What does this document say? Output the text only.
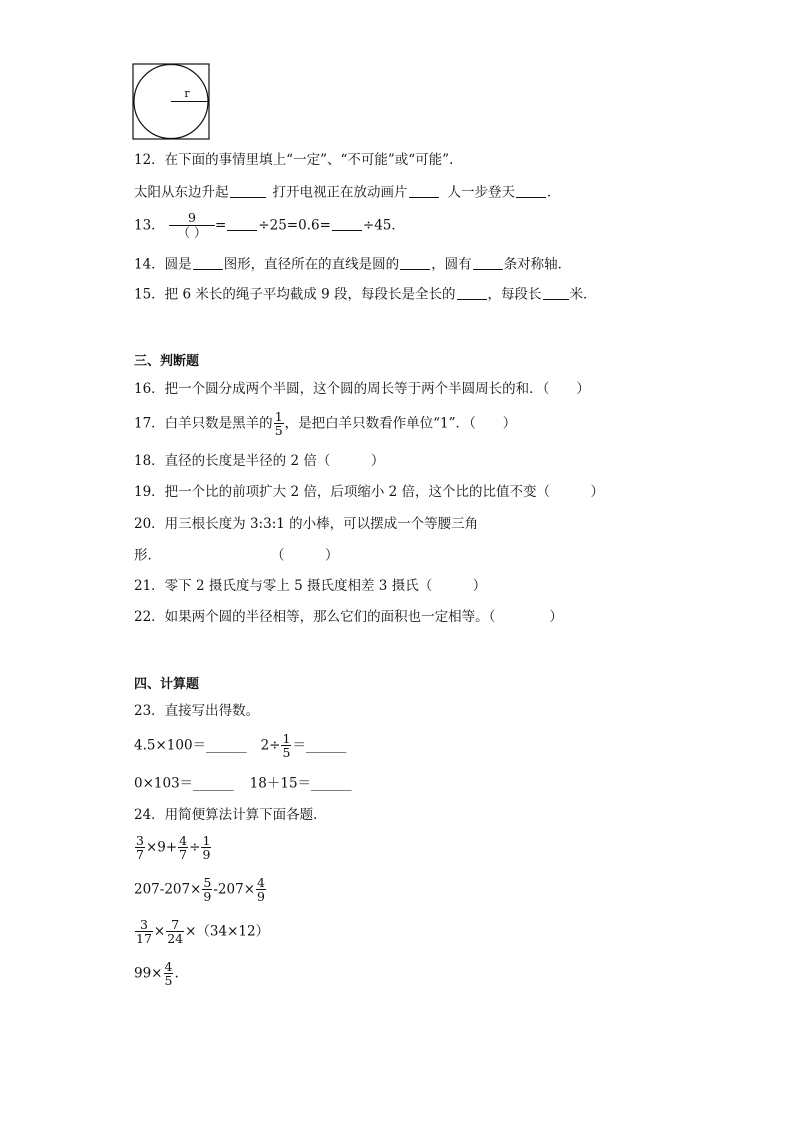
r
12．在下面的事情里填上“一定”、“不可能”或“可能”．
太阳从东边升起	打开电视正在放动画片	人一步登天 ．
13．	9
（ ） = ÷25=0.6= ÷45．
14．圆是 图形，直径所在的直线是圆的 ，圆有 条对称轴．
15．把 6 米长的绳子平均截成 9 段，每段长是全长的 ，每段长 米．
三、判断题
16．把一个圆分成两个半圆，这个圆的周长等于两个半圆周长的和．（　　）
17．白羊只数是黑羊的 $\frac{1}{5}$ ，是把白羊只数看作单位“1”．（　　）
18．直径的长度是半径的 2 倍（　　　）
19．把一个比的前项扩大 2 倍，后项缩小 2 倍，这个比的比值不变（　　　）
20．用三根长度为 3:3:1 的小棒，可以摆成一个等腰三角
形．	（　　　）
21．零下 2 摄氏度与零上 5 摄氏度相差 3 摄氏（　　　）
22．如果两个圆的半径相等，那么它们的面积也一定相等。（　　　　）
四、计算题
23．直接写出得数。
4.5×100＝______ $2\div \frac{1}{5}$ ＝______
0×103＝______ 18＋15＝______
24．用简便算法计算下面各题．
$\frac{3}{7} \times 9+ \frac{4}{7} \div \frac{1}{9}$
$207-207\times \frac{5}{9} -207\times \frac{4}{9}$
$\frac{3}{17} \times \frac{7}{24} \times(34\times 12)$
$99\times \frac{4}{5}$ .
